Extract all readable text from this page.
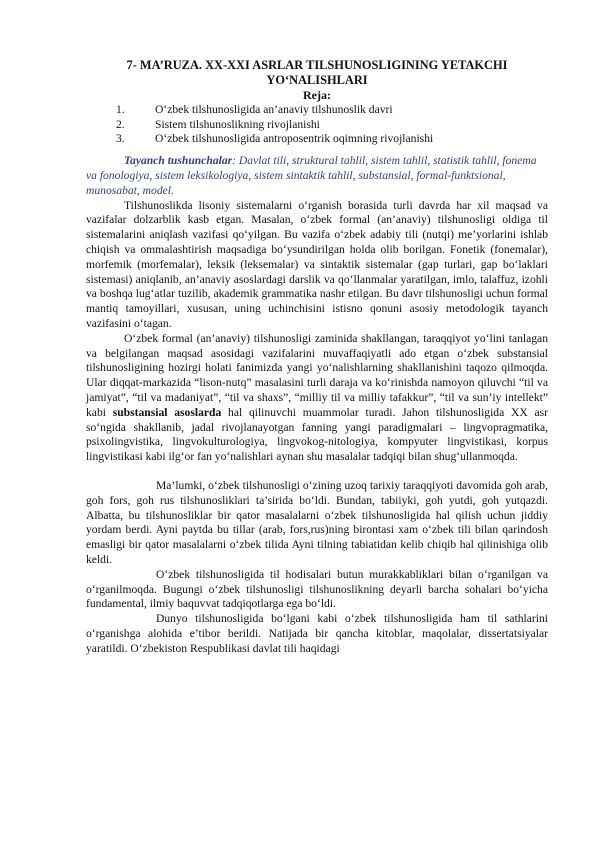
7- MA’RUZA. XX-XXI ASRLAR TILSHUNOSLIGINING YETAKCHI YO‘NALISHLARI
Reja:
1.	O‘zbek tilshunosligida an’anaviy tilshunoslik davri
2.	Sistem tilshunoslikning rivojlanishi
3.	O‘zbek tilshunosligida antroposentrik oqimning rivojlanishi

Tayanch tushunchalar: Davlat tili, struktural tahlil, sistem tahlil, statistik tahlil, fonema va fonologiya, sistem leksikologiya, sistem sintaktik tahlil, substansial, formal-funktsional, munosabat, model.

Tilshunoslikda lisoniy sistemalarni o‘rganish borasida turli davrda har xil maqsad va vazifalar dolzarblik kasb etgan. Masalan, o‘zbek formal (an’anaviy) tilshunosligi oldiga til sistemalarini aniqlash vazifasi qo‘yilgan. Bu vazifa o‘zbek adabiy tili (nutqi) me’yorlarini ishlab chiqish va ommalashtirish maqsadiga bo‘ysundirilgan holda olib borilgan. Fonetik (fonemalar), morfemik (morfemalar), leksik (leksemalar) va sintaktik sistemalar (gap turlari, gap bo‘laklari sistemasi) aniqlanib, an’anaviy asoslardagi darslik va qo‘llanmalar yaratilgan, imlo, talaffuz, izohli va boshqa lug‘atlar tuzilib, akademik grammatika nashr etilgan. Bu davr tilshunosligi uchun formal mantiq tamoyillari, xususan, uning uchinchisini istisno qonuni asosiy metodologik tayanch vazifasini o‘tagan.

O‘zbek formal (an’anaviy) tilshunosligi zaminida shakllangan, taraqqiyot yo‘lini tanlagan va belgilangan maqsad asosidagi vazifalarini muvaffaqiyatli ado etgan o‘zbek substansial tilshunosligining hozirgi holati fanimizda yangi yo‘nalishlarning shakllanishini taqozo qilmoqda. Ular diqqat-markazida “lison-nutq” masalasini turli daraja va ko‘rinishda namoyon qiluvchi “til va jamiyat”, “til va madaniyat”, “til va shaxs”, “milliy til va milliy tafakkur”, “til va sun’iy intellekt” kabi substansial asoslarda hal qilinuvchi muammolar turadi. Jahon tilshunosligida XX asr so‘ngida shakllanib, jadal rivojlanayotgan fanning yangi paradigmalari – lingvopragmatika, psixolingvistika, lingvokulturologiya, lingvokog-nitologiya, kompyuter lingvistikasi, korpus lingvistikasi kabi ilg‘or fan yo‘nalishlari aynan shu masalalar tadqiqi bilan shug‘ullanmoqda.

Ma’lumki, o‘zbek tilshunosligi o‘zining uzoq tarixiy taraqqiyoti davomida goh arab, goh fors, goh rus tilshunosliklari ta’sirida bo‘ldi. Bundan, tabiiyki, goh yutdi, goh yutqazdi. Albatta, bu tilshunosliklar bir qator masalalarni o‘zbek tilshunosligida hal qilish uchun jiddiy yordam berdi. Ayni paytda bu tillar (arab, fors,rus)ning birontasi xam o‘zbek tili bilan qarindosh emasligi bir qator masalalarni o‘zbek tilida Ayni tilning tabiatidan kelib chiqib hal qilinishiga olib keldi.

O‘zbek tilshunosligida til hodisalari butun murakkabliklari bilan o‘rganilgan va o‘rganilmoqda. Bugungi o‘zbek tilshunosligi tilshunoslikning deyarli barcha sohalari bo‘yicha fundamental, ilmiy baquvvat tadqiqotlarga ega bo‘ldi.

Dunyo tilshunosligida bo‘lgani kabi o‘zbek tilshunosligida ham til sathlarini o‘rganishga alohida e’tibor berildi. Natijada bir qancha kitoblar, maqolalar, dissertatsiyalar yaratildi. O‘zbekiston Respublikasi davlat tili haqidagi
